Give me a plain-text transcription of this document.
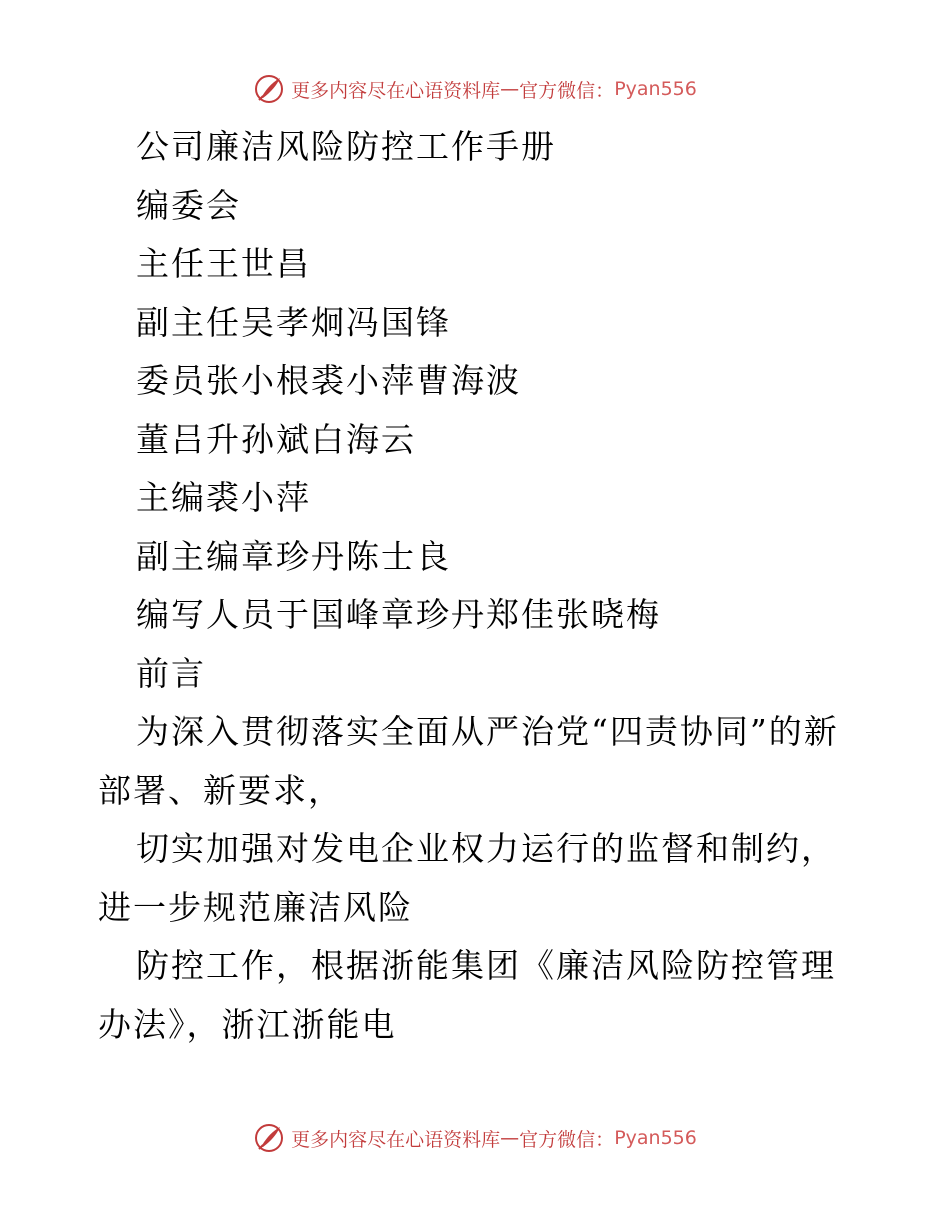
更多内容尽在心语资料库 — 官方微信： Pyan556
公司廉洁风险防控工作手册
编委会
主任王世昌
副主任吴孝炯冯国锋
委员张小根裘小萍曹海波
董吕升孙斌白海云
主编裘小萍
副主编章珍丹陈士良
编写人员于国峰章珍丹郑佳张晓梅
前言

为深入贯彻落实全面从严治党“四责协同”的新部署、新要求，

切实加强对发电企业权力运行的监督和制约，进一步规范廉洁风险

防控工作，根据浙能集团《廉洁风险防控管理办法》，浙江浙能电

更多内容尽在心语资料库 — 官方微信： Pyan556
